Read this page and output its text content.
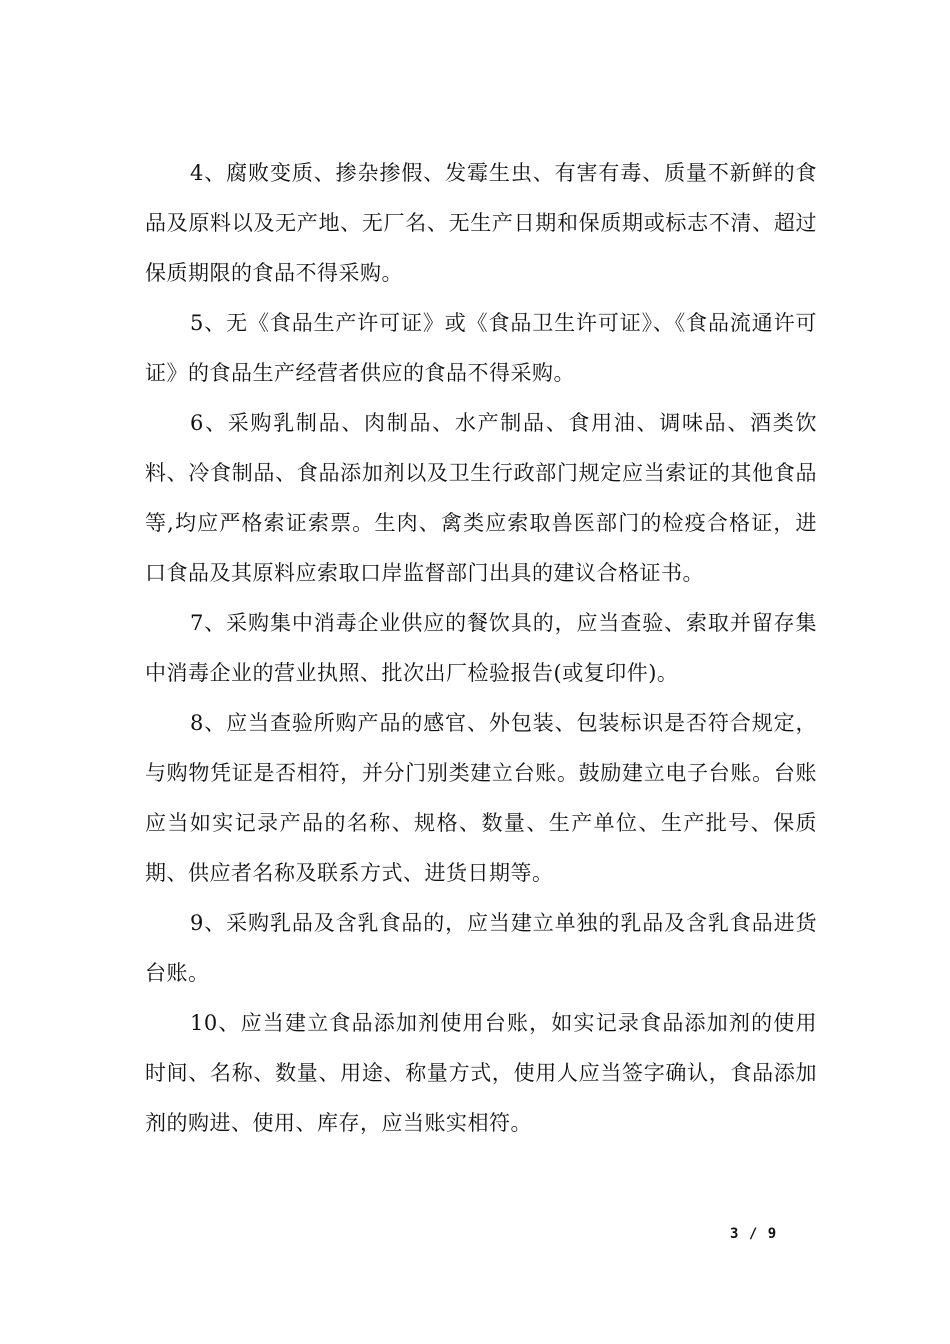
4、腐败变质、掺杂掺假、发霉生虫、有害有毒、质量不新鲜的食品及原料以及无产地、无厂名、无生产日期和保质期或标志不清、超过保质期限的食品不得采购。

5、无《食品生产许可证》或《食品卫生许可证》、《食品流通许可证》的食品生产经营者供应的食品不得采购。

6、采购乳制品、肉制品、水产制品、食用油、调味品、酒类饮料、冷食制品、食品添加剂以及卫生行政部门规定应当索证的其他食品等,均应严格索证索票。生肉、禽类应索取兽医部门的检疫合格证，进口食品及其原料应索取口岸监督部门出具的建议合格证书。

7、采购集中消毒企业供应的餐饮具的，应当查验、索取并留存集中消毒企业的营业执照、批次出厂检验报告(或复印件)。

8、应当查验所购产品的感官、外包装、包装标识是否符合规定，与购物凭证是否相符，并分门别类建立台账。鼓励建立电子台账。台账应当如实记录产品的名称、规格、数量、生产单位、生产批号、保质期、供应者名称及联系方式、进货日期等。

9、采购乳品及含乳食品的，应当建立单独的乳品及含乳食品进货台账。

10、应当建立食品添加剂使用台账，如实记录食品添加剂的使用时间、名称、数量、用途、称量方式，使用人应当签字确认，食品添加剂的购进、使用、库存，应当账实相符。

3 / 9
